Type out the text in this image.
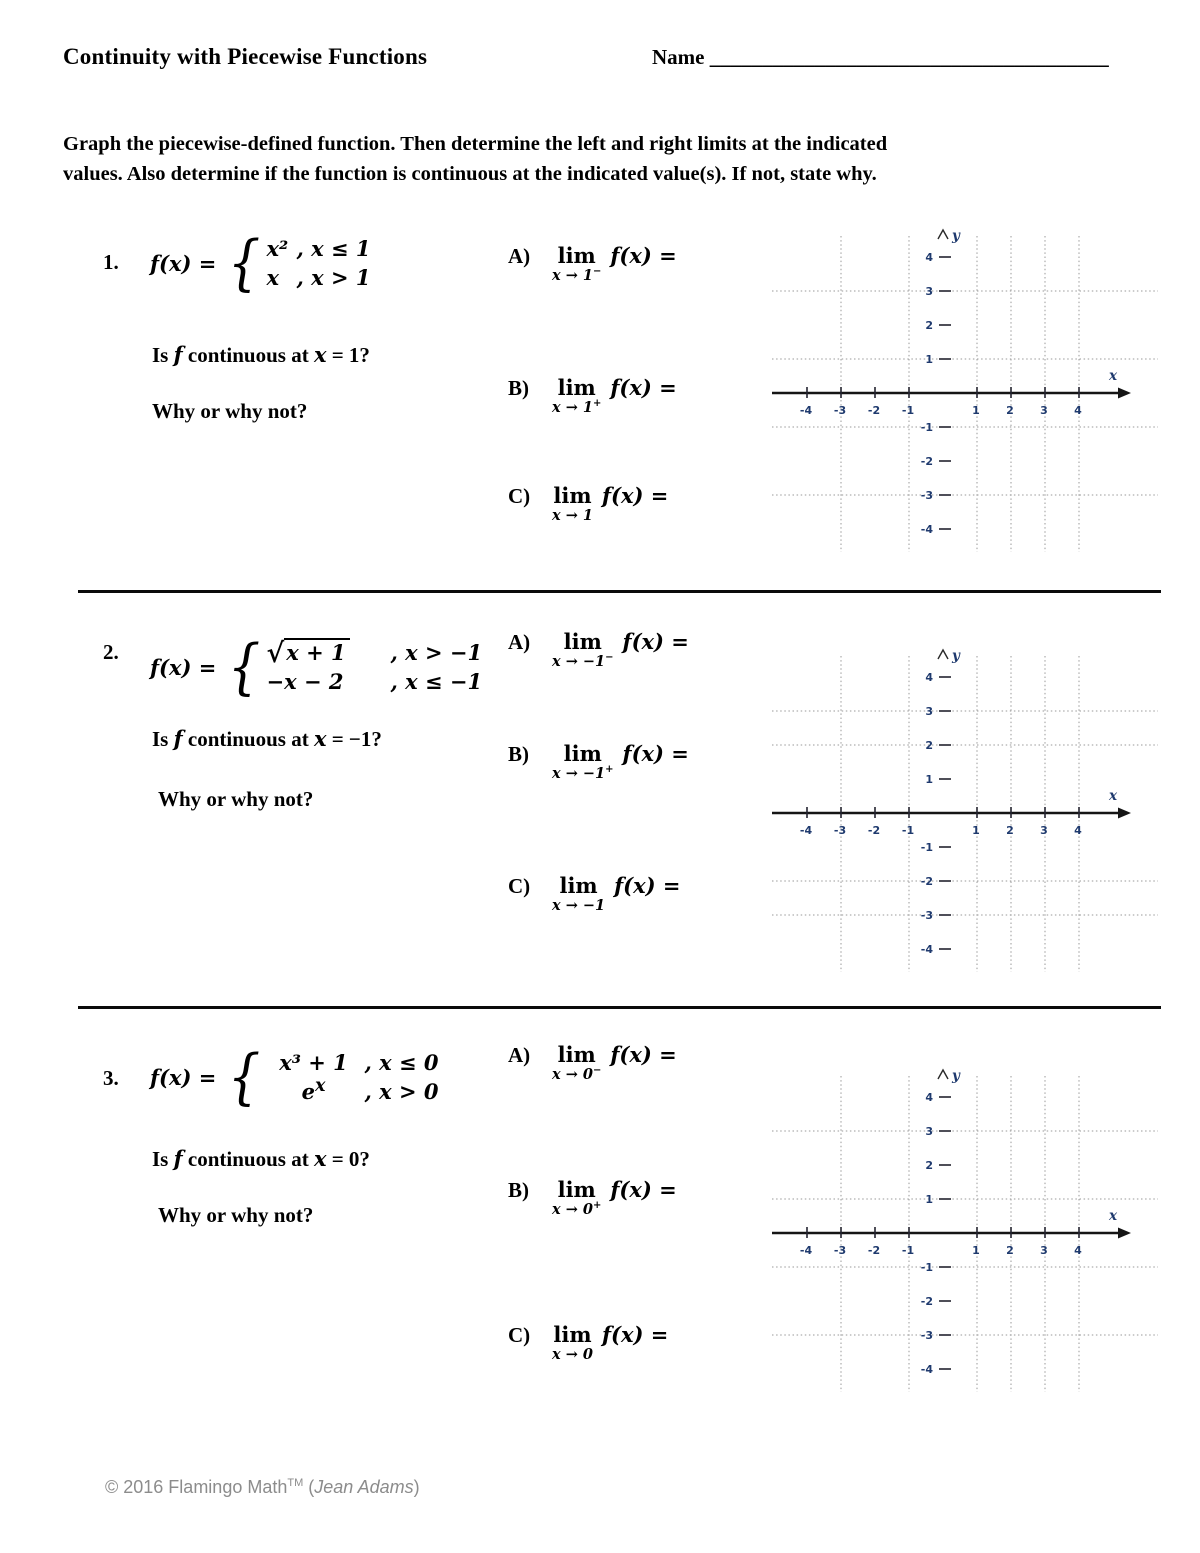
Continuity with Piecewise Functions	Name ______________________________________
Graph the piecewise-defined function. Then determine the left and right limits at the indicated
values. Also determine if the function is continuous at the indicated value(s). If not, state why.
1. f(x) = { x² , x ≤ 1
x , x > 1
Is f continuous at x = 1?
Why or why not?
A)	lim
x → 1−
f(x) =
B)	lim
x → 1+
f(x) =
C)	lim
x → 1
f(x) =
-4 -3 -2 -1	1 2 3 4
4
3
2
1
-1
-2
-3
-4
x
y
2.
f(x) = { √x + 1 , x > −1
−x − 2 , x ≤ −1
Is f continuous at x = −1?
Why or why not?
A)	lim
x → −1−
f(x) =
B)	lim
x → −1+
f(x) =
C)	lim
x → −1
f(x) =
-4 -3 -2 -1	1 2 3 4
4
3
2
1
-1
-2
-3
-4
x
y
3. f(x) = { x³ + 1 , x ≤ 0
$e^x$ , x > 0
Is f continuous at x = 0?
Why or why not?
A)	lim
x → 0−
f(x) =
B)	lim
x → 0+
f(x) =
C)	lim
x → 0
f(x) =
-4 -3 -2 -1	1 2 3 4
4
3
2
1
-1
-2
-3
-4
x
y
© 2016 Flamingo Math™ (Jean Adams)
